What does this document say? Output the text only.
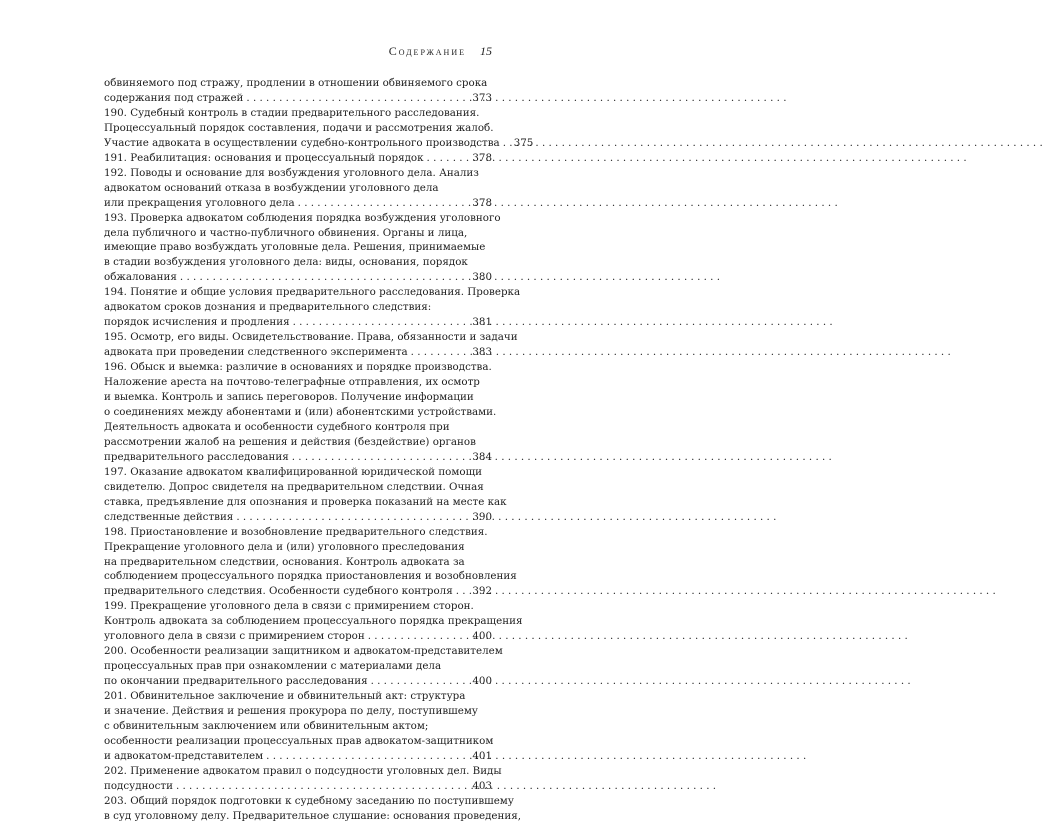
Содержание 15
обвиняемого под стражу, продлении в отношении обвиняемого срока
содержания под стражей . . .	373
190. Судебный контроль в стадии предварительного расследования.
Процессуальный порядок составления, подачи и рассмотрения жалоб.
Участие адвоката в осуществлении судебно-контрольного производства . . . 375
191. Реабилитация: основания и процессуальный порядок . . .	378
192. Поводы и основание для возбуждения уголовного дела. Анализ
адвокатом оснований отказа в возбуждении уголовного дела
или прекращения уголовного дела . . .	378
193. Проверка адвокатом соблюдения порядка возбуждения уголовного
дела публичного и частно-публичного обвинения. Органы и лица,
имеющие право возбуждать уголовные дела. Решения, принимаемые
в стадии возбуждения уголовного дела: виды, основания, порядок
обжалования . . .	380
194. Понятие и общие условия предварительного расследования. Проверка
адвокатом сроков дознания и предварительного следствия:
порядок исчисления и продления . . .	381
195. Осмотр, его виды. Освидетельствование. Права, обязанности и задачи
адвоката при проведении следственного эксперимента . . .	383
196. Обыск и выемка: различие в основаниях и порядке производства.
Наложение ареста на почтово-телеграфные отправления, их осмотр
и выемка. Контроль и запись переговоров. Получение информации
о соединениях между абонентами и (или) абонентскими устройствами.
Деятельность адвоката и особенности судебного контроля при
рассмотрении жалоб на решения и действия (бездействие) органов
предварительного расследования . . .	384
197. Оказание адвокатом квалифицированной юридической помощи
свидетелю. Допрос свидетеля на предварительном следствии. Очная
ставка, предъявление для опознания и проверка показаний на месте как
следственные действия . . .	390
198. Приостановление и возобновление предварительного следствия.
Прекращение уголовного дела и (или) уголовного преследования
на предварительном следствии, основания. Контроль адвоката за
соблюдением процессуального порядка приостановления и возобновления
предварительного следствия. Особенности судебного контроля . . . 392
199. Прекращение уголовного дела в связи с примирением сторон.
Контроль адвоката за соблюдением процессуального порядка прекращения
уголовного дела в связи с примирением сторон . . .	400
200. Особенности реализации защитником и адвокатом-представителем
процессуальных прав при ознакомлении с материалами дела
по окончании предварительного расследования . . .	400
201. Обвинительное заключение и обвинительный акт: структура
и значение. Действия и решения прокурора по делу, поступившему
с обвинительным заключением или обвинительным актом;
особенности реализации процессуальных прав адвокатом-защитником
и адвокатом-представителем . . .	401
202. Применение адвокатом правил о подсудности уголовных дел. Виды
подсудности . . .	403
203. Общий порядок подготовки к судебному заседанию по поступившему
в суд уголовному делу. Предварительное слушание: основания проведения,
